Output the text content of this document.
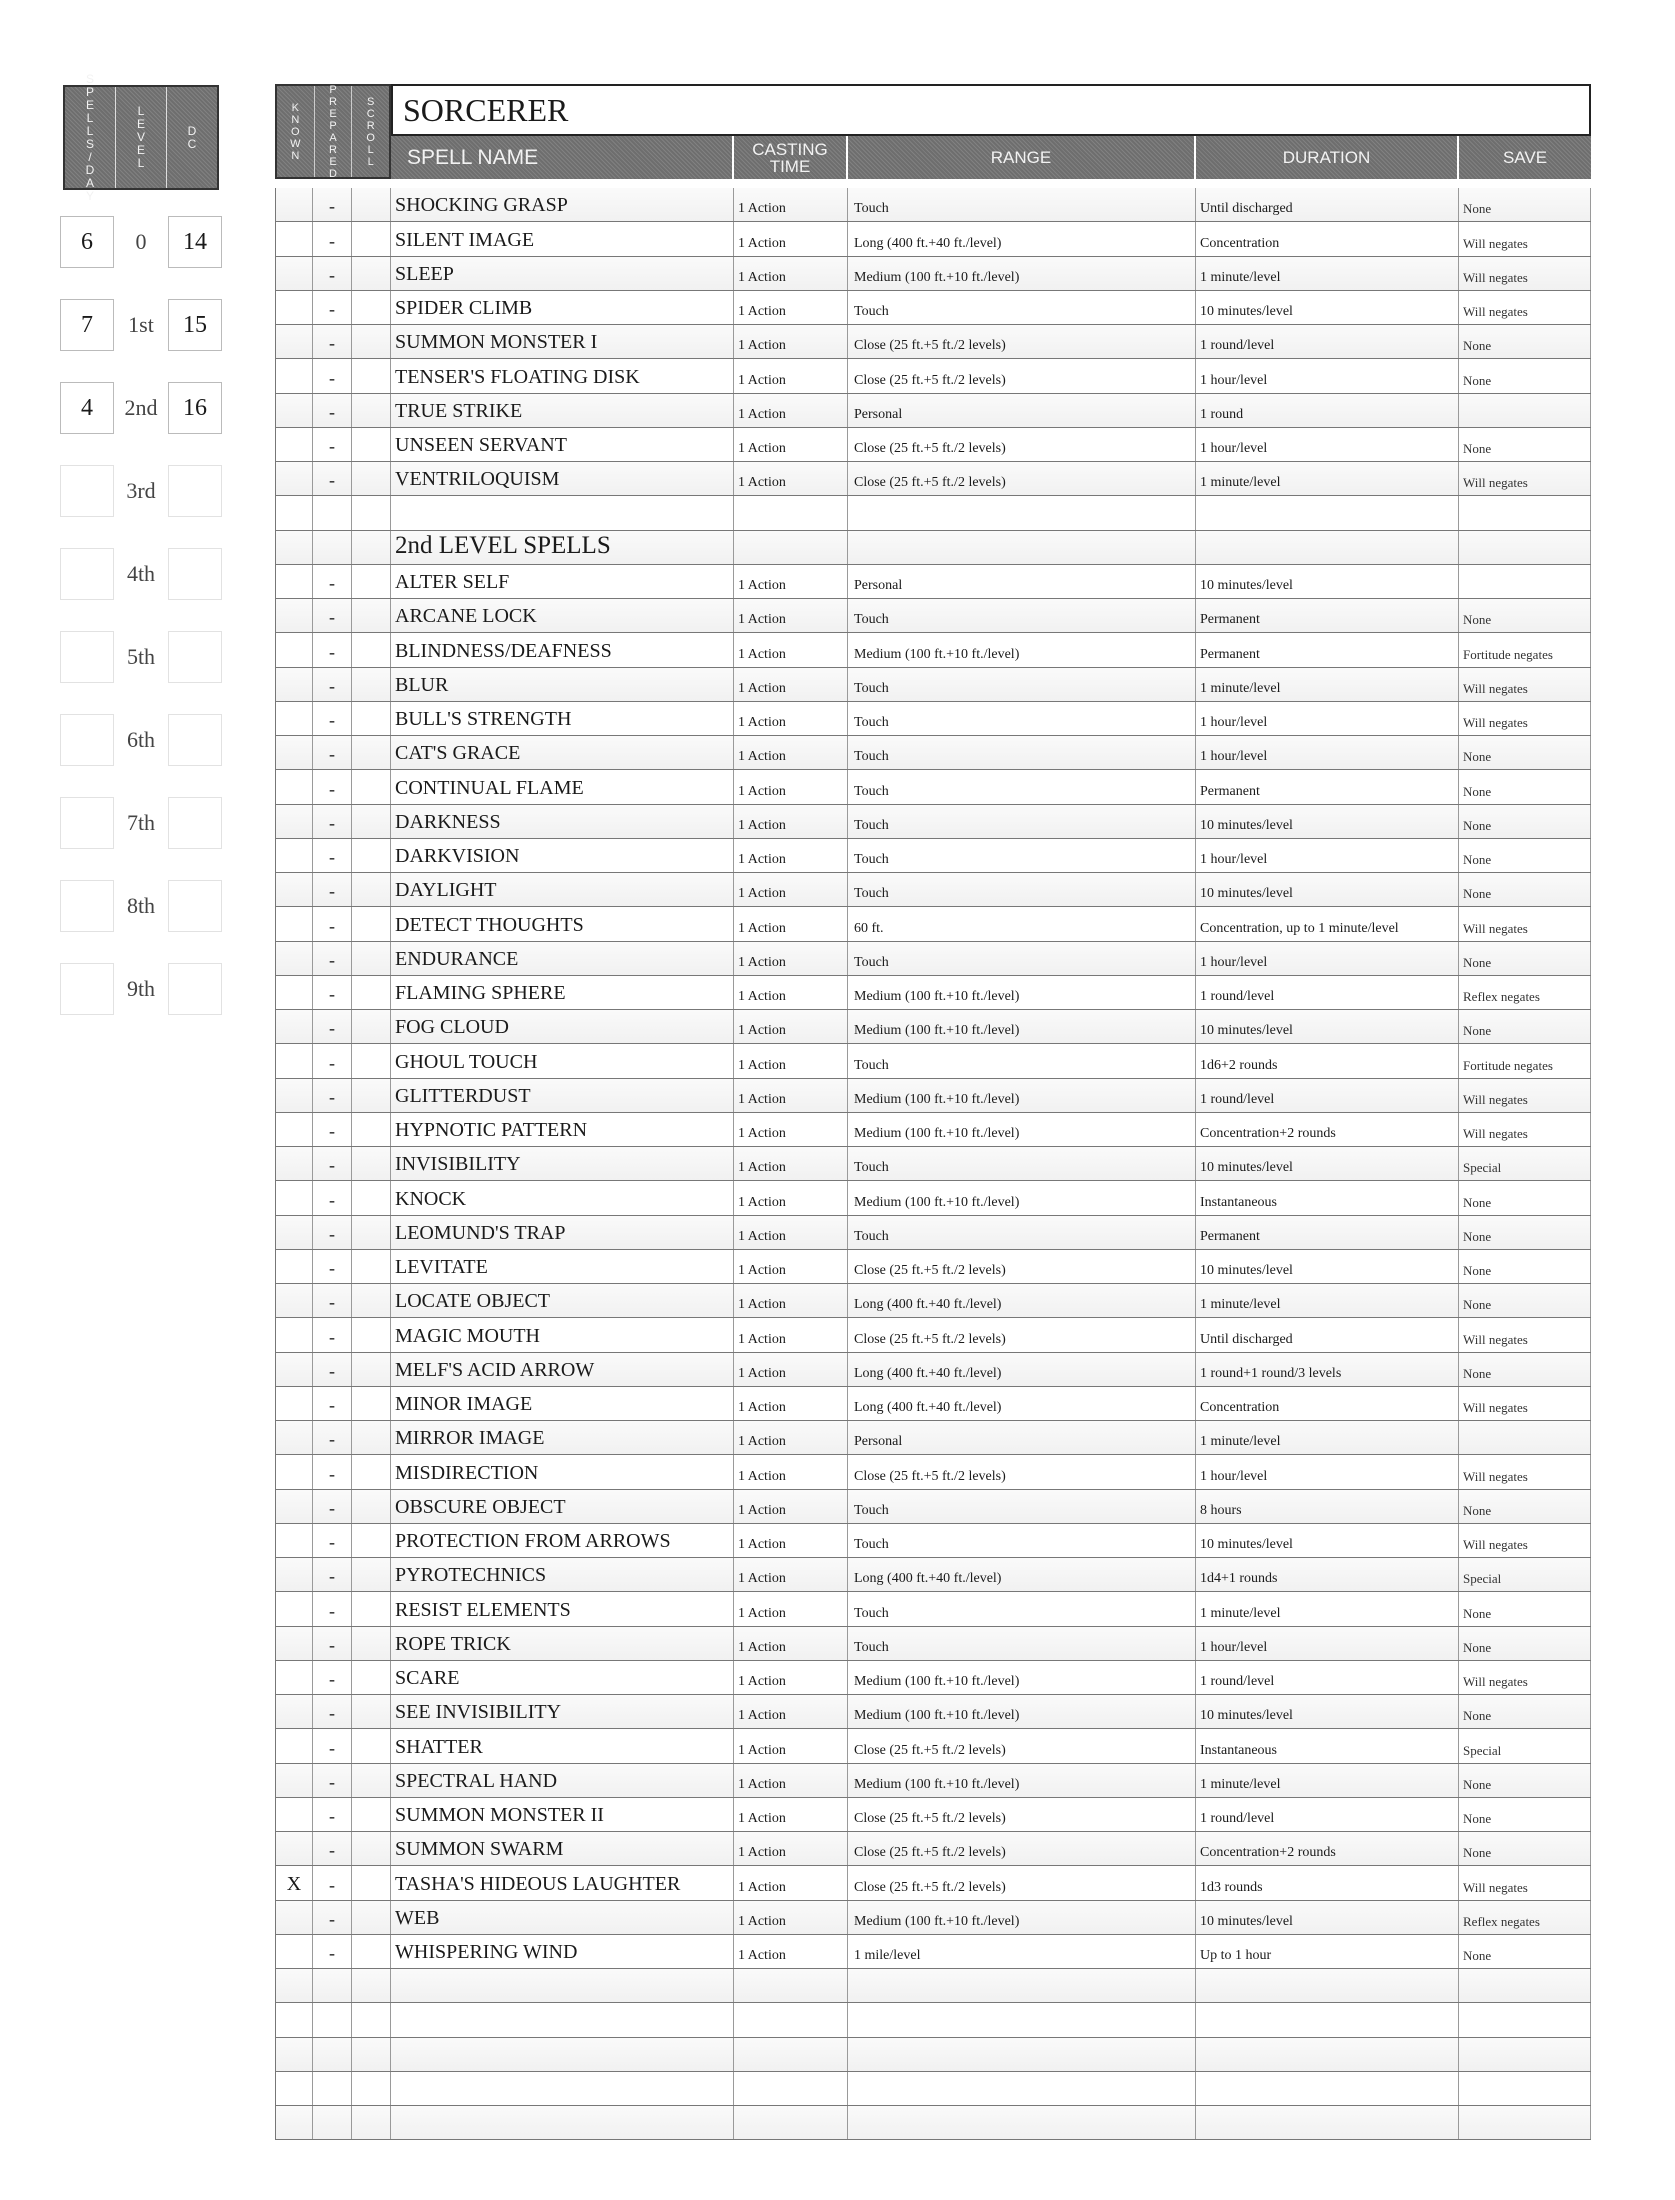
S
P
E
L
L
S
/
D
A
Y
L
E
V
E
L
D
C
6	0	14
7	1st	15
4	2nd	16
3rd
4th
5th
6th
7th
8th
9th
K
N
O
W
N
P
R
E
P
A
R
E
D
S
C
R
O
L
L
SORCERER
SPELL NAME	CASTING TIME	RANGE	DURATION	SAVE
-	SHOCKING GRASP	1 Action	Touch	Until discharged	None
-	SILENT IMAGE	1 Action	Long (400 ft.+40 ft./level)	Concentration	Will negates
-	SLEEP	1 Action	Medium (100 ft.+10 ft./level)	1 minute/level	Will negates
-	SPIDER CLIMB	1 Action	Touch	10 minutes/level	Will negates
-	SUMMON MONSTER I	1 Action	Close (25 ft.+5 ft./2 levels)	1 round/level	None
-	TENSER'S FLOATING DISK	1 Action	Close (25 ft.+5 ft./2 levels)	1 hour/level	None
-	TRUE STRIKE	1 Action	Personal	1 round
-	UNSEEN SERVANT	1 Action	Close (25 ft.+5 ft./2 levels)	1 hour/level	None
-	VENTRILOQUISM	1 Action	Close (25 ft.+5 ft./2 levels)	1 minute/level	Will negates
2nd LEVEL SPELLS
-	ALTER SELF	1 Action	Personal	10 minutes/level
-	ARCANE LOCK	1 Action	Touch	Permanent	None
-	BLINDNESS/DEAFNESS	1 Action	Medium (100 ft.+10 ft./level)	Permanent	Fortitude negates
-	BLUR	1 Action	Touch	1 minute/level	Will negates
-	BULL'S STRENGTH	1 Action	Touch	1 hour/level	Will negates
-	CAT'S GRACE	1 Action	Touch	1 hour/level	None
-	CONTINUAL FLAME	1 Action	Touch	Permanent	None
-	DARKNESS	1 Action	Touch	10 minutes/level	None
-	DARKVISION	1 Action	Touch	1 hour/level	None
-	DAYLIGHT	1 Action	Touch	10 minutes/level	None
-	DETECT THOUGHTS	1 Action	60 ft.	Concentration, up to 1 minute/level	Will negates
-	ENDURANCE	1 Action	Touch	1 hour/level	None
-	FLAMING SPHERE	1 Action	Medium (100 ft.+10 ft./level)	1 round/level	Reflex negates
-	FOG CLOUD	1 Action	Medium (100 ft.+10 ft./level)	10 minutes/level	None
-	GHOUL TOUCH	1 Action	Touch	1d6+2 rounds	Fortitude negates
-	GLITTERDUST	1 Action	Medium (100 ft.+10 ft./level)	1 round/level	Will negates
-	HYPNOTIC PATTERN	1 Action	Medium (100 ft.+10 ft./level)	Concentration+2 rounds	Will negates
-	INVISIBILITY	1 Action	Touch	10 minutes/level	Special
-	KNOCK	1 Action	Medium (100 ft.+10 ft./level)	Instantaneous	None
-	LEOMUND'S TRAP	1 Action	Touch	Permanent	None
-	LEVITATE	1 Action	Close (25 ft.+5 ft./2 levels)	10 minutes/level	None
-	LOCATE OBJECT	1 Action	Long (400 ft.+40 ft./level)	1 minute/level	None
-	MAGIC MOUTH	1 Action	Close (25 ft.+5 ft./2 levels)	Until discharged	Will negates
-	MELF'S ACID ARROW	1 Action	Long (400 ft.+40 ft./level)	1 round+1 round/3 levels	None
-	MINOR IMAGE	1 Action	Long (400 ft.+40 ft./level)	Concentration	Will negates
-	MIRROR IMAGE	1 Action	Personal	1 minute/level
-	MISDIRECTION	1 Action	Close (25 ft.+5 ft./2 levels)	1 hour/level	Will negates
-	OBSCURE OBJECT	1 Action	Touch	8 hours	None
-	PROTECTION FROM ARROWS	1 Action	Touch	10 minutes/level	Will negates
-	PYROTECHNICS	1 Action	Long (400 ft.+40 ft./level)	1d4+1 rounds	Special
-	RESIST ELEMENTS	1 Action	Touch	1 minute/level	None
-	ROPE TRICK	1 Action	Touch	1 hour/level	None
-	SCARE	1 Action	Medium (100 ft.+10 ft./level)	1 round/level	Will negates
-	SEE INVISIBILITY	1 Action	Medium (100 ft.+10 ft./level)	10 minutes/level	None
-	SHATTER	1 Action	Close (25 ft.+5 ft./2 levels)	Instantaneous	Special
-	SPECTRAL HAND	1 Action	Medium (100 ft.+10 ft./level)	1 minute/level	None
-	SUMMON MONSTER II	1 Action	Close (25 ft.+5 ft./2 levels)	1 round/level	None
-	SUMMON SWARM	1 Action	Close (25 ft.+5 ft./2 levels)	Concentration+2 rounds	None
X	-	TASHA'S HIDEOUS LAUGHTER	1 Action	Close (25 ft.+5 ft./2 levels)	1d3 rounds	Will negates
-	WEB	1 Action	Medium (100 ft.+10 ft./level)	10 minutes/level	Reflex negates
-	WHISPERING WIND	1 Action	1 mile/level	Up to 1 hour	None
